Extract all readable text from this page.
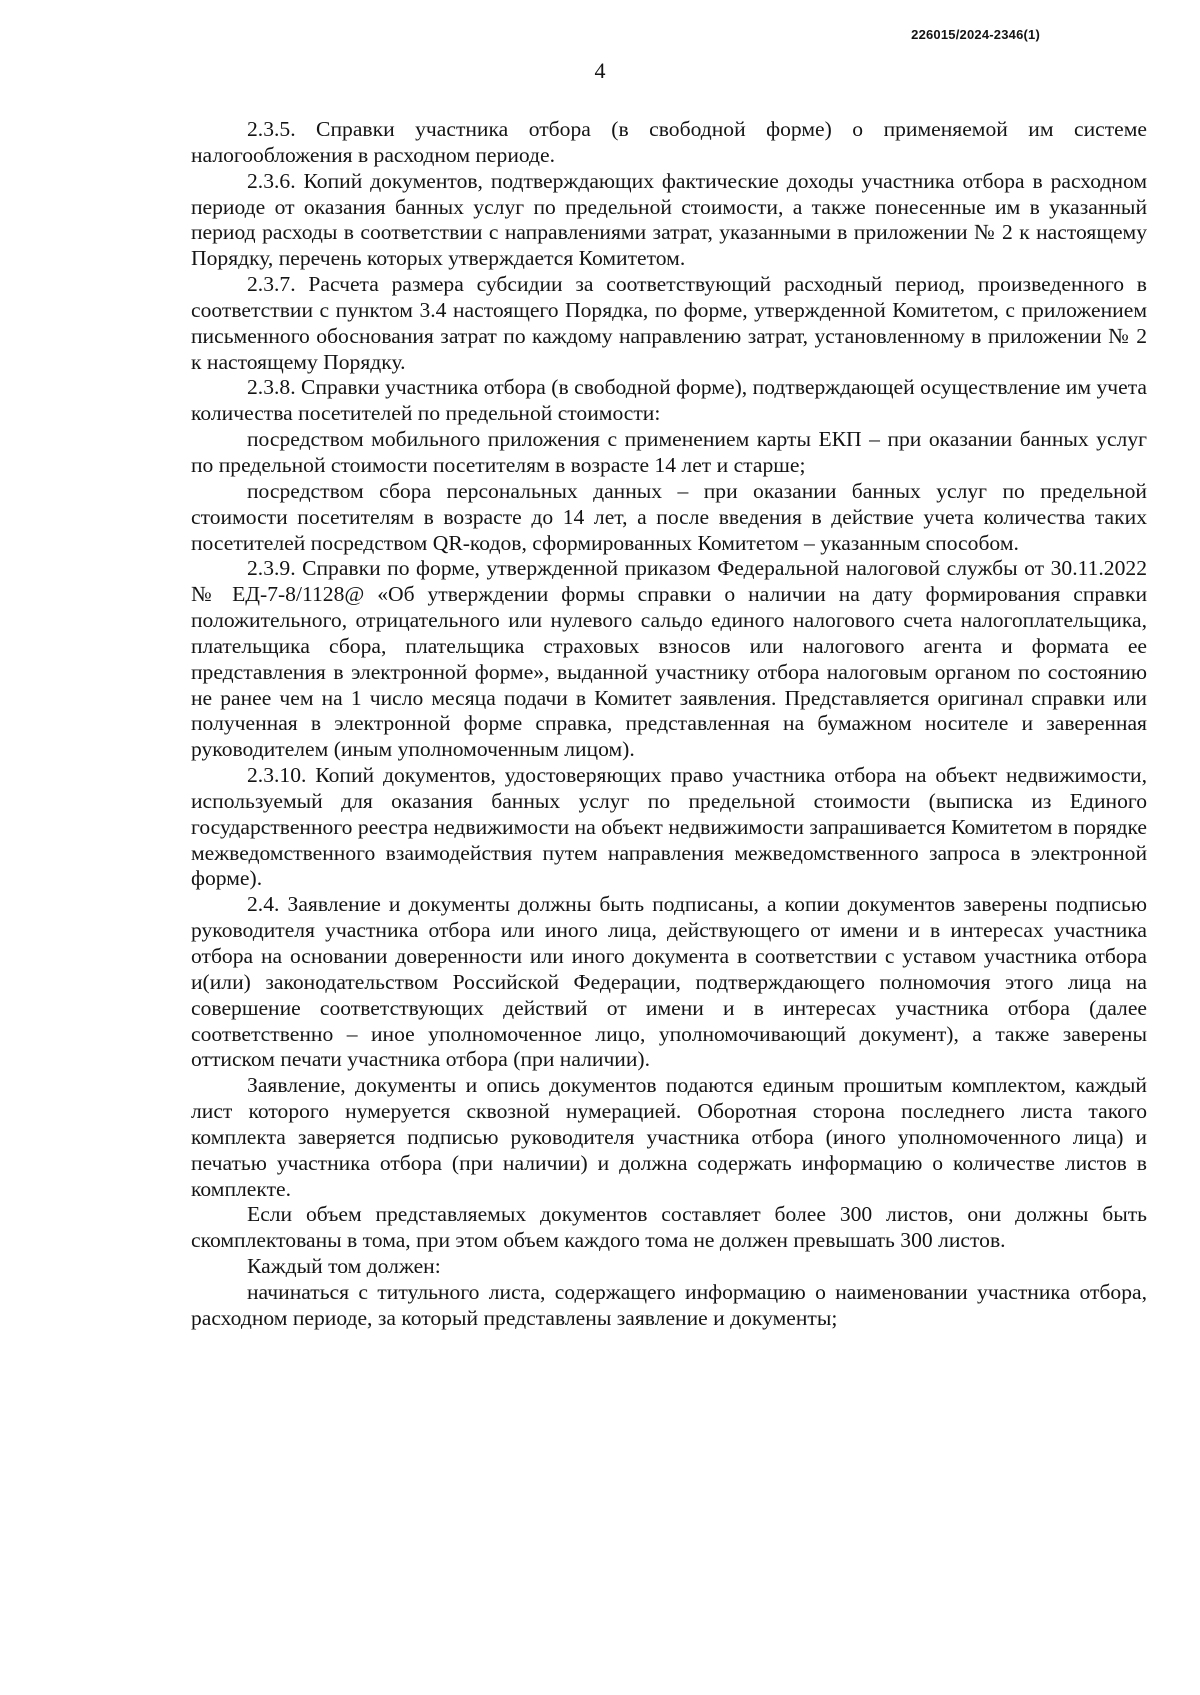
226015/2024-2346(1)
4

2.3.5. Справки участника отбора (в свободной форме) о применяемой им системе налогообложения в расходном периоде.

2.3.6. Копий документов, подтверждающих фактические доходы участника отбора в расходном периоде от оказания банных услуг по предельной стоимости, а также понесенные им в указанный период расходы в соответствии с направлениями затрат, указанными в приложении № 2 к настоящему Порядку, перечень которых утверждается Комитетом.

2.3.7. Расчета размера субсидии за соответствующий расходный период, произведенного в соответствии с пунктом 3.4 настоящего Порядка, по форме, утвержденной Комитетом, с приложением письменного обоснования затрат по каждому направлению затрат, установленному в приложении № 2 к настоящему Порядку.

2.3.8. Справки участника отбора (в свободной форме), подтверждающей осуществление им учета количества посетителей по предельной стоимости:

посредством мобильного приложения с применением карты ЕКП – при оказании банных услуг по предельной стоимости посетителям в возрасте 14 лет и старше;

посредством сбора персональных данных – при оказании банных услуг по предельной стоимости посетителям в возрасте до 14 лет, а после введения в действие учета количества таких посетителей посредством QR-кодов, сформированных Комитетом – указанным способом.

2.3.9. Справки по форме, утвержденной приказом Федеральной налоговой службы от 30.11.2022 № ЕД-7-8/1128@ «Об утверждении формы справки о наличии на дату формирования справки положительного, отрицательного или нулевого сальдо единого налогового счета налогоплательщика, плательщика сбора, плательщика страховых взносов или налогового агента и формата ее представления в электронной форме», выданной участнику отбора налоговым органом по состоянию не ранее чем на 1 число месяца подачи в Комитет заявления. Представляется оригинал справки или полученная в электронной форме справка, представленная на бумажном носителе и заверенная руководителем (иным уполномоченным лицом).

2.3.10. Копий документов, удостоверяющих право участника отбора на объект недвижимости, используемый для оказания банных услуг по предельной стоимости (выписка из Единого государственного реестра недвижимости на объект недвижимости запрашивается Комитетом в порядке межведомственного взаимодействия путем направления межведомственного запроса в электронной форме).

2.4. Заявление и документы должны быть подписаны, а копии документов заверены подписью руководителя участника отбора или иного лица, действующего от имени и в интересах участника отбора на основании доверенности или иного документа в соответствии с уставом участника отбора и(или) законодательством Российской Федерации, подтверждающего полномочия этого лица на совершение соответствующих действий от имени и в интересах участника отбора (далее соответственно – иное уполномоченное лицо, уполномочивающий документ), а также заверены оттиском печати участника отбора (при наличии).

Заявление, документы и опись документов подаются единым прошитым комплектом, каждый лист которого нумеруется сквозной нумерацией. Оборотная сторона последнего листа такого комплекта заверяется подписью руководителя участника отбора (иного уполномоченного лица) и печатью участника отбора (при наличии) и должна содержать информацию о количестве листов в комплекте.

Если объем представляемых документов составляет более 300 листов, они должны быть скомплектованы в тома, при этом объем каждого тома не должен превышать 300 листов.

Каждый том должен:

начинаться с титульного листа, содержащего информацию о наименовании участника отбора, расходном периоде, за который представлены заявление и документы;
